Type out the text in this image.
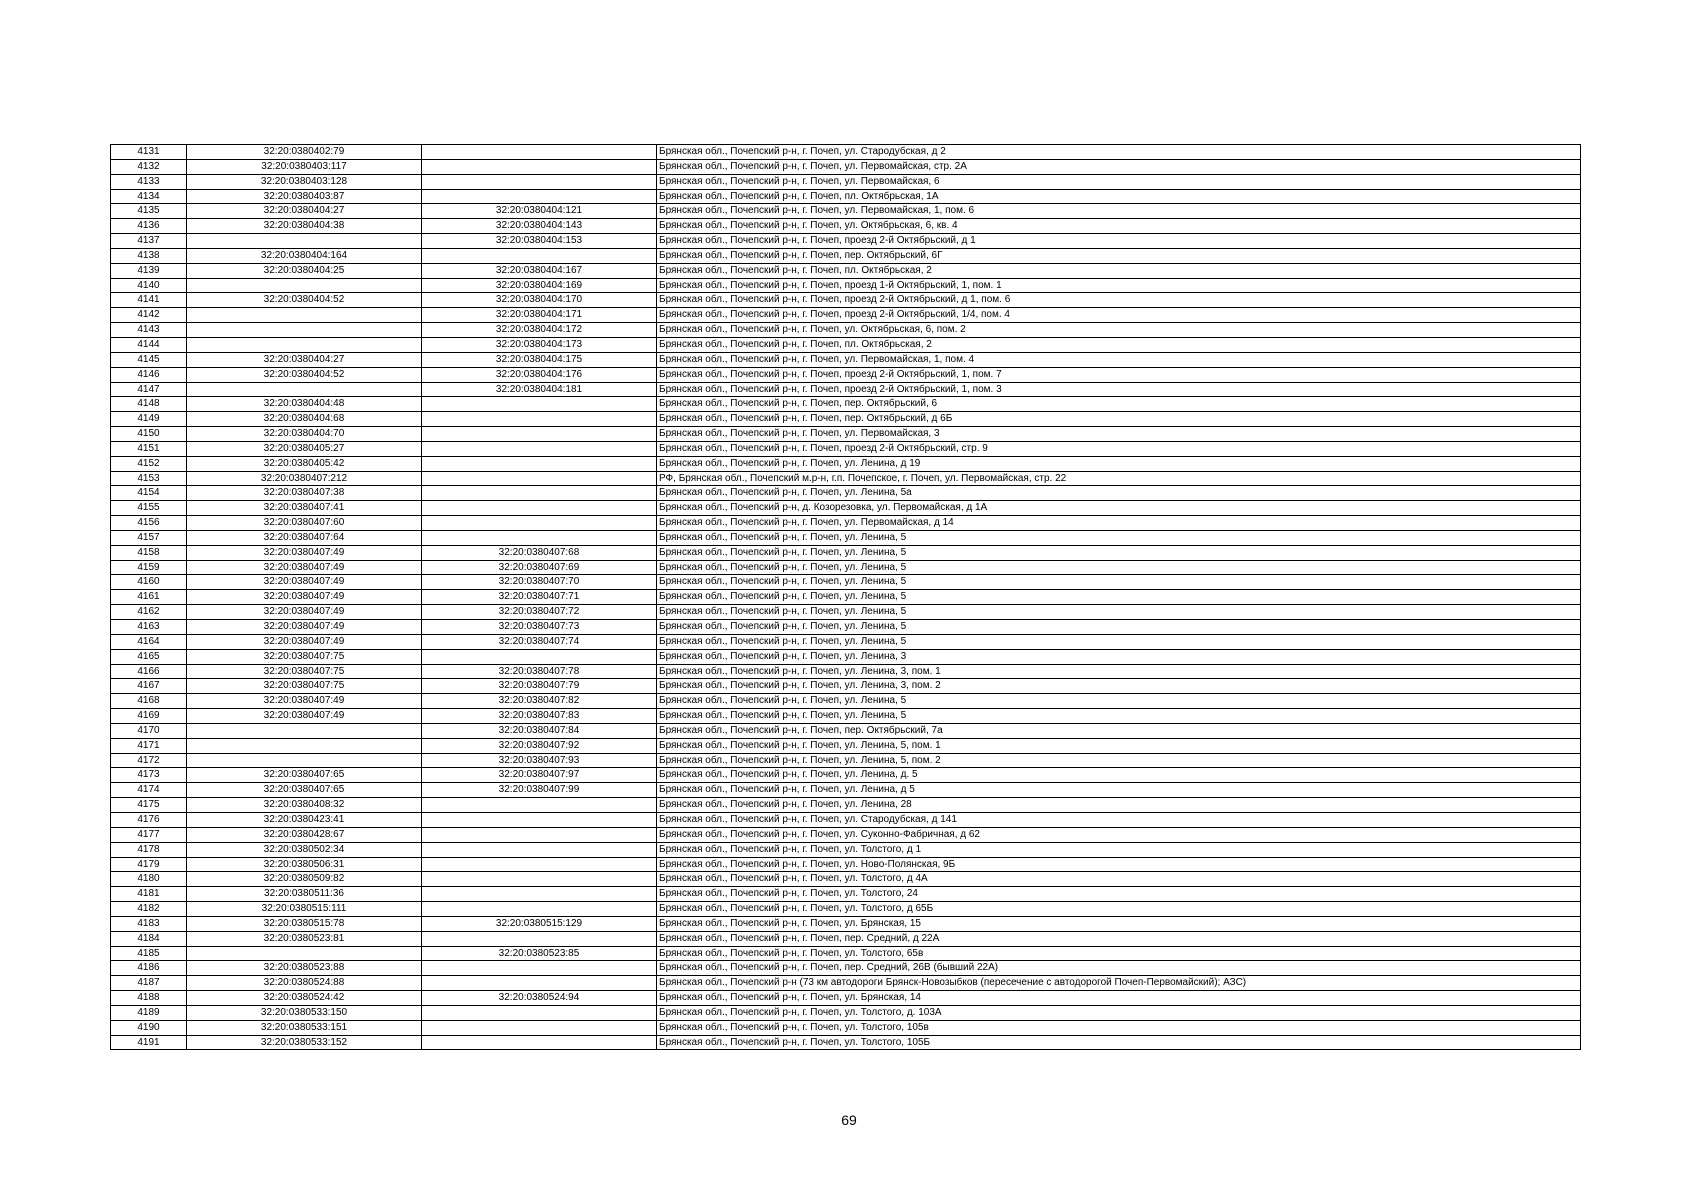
4131	32:20:0380402:79		Брянская обл., Почепский р-н, г. Почеп, ул. Стародубская, д 2
4132	32:20:0380403:117		Брянская обл., Почепский р-н, г. Почеп, ул. Первомайская, стр. 2А
4133	32:20:0380403:128		Брянская обл., Почепский р-н, г. Почеп, ул. Первомайская, 6
4134	32:20:0380403:87		Брянская обл., Почепский р-н, г. Почеп, пл. Октябрьская, 1А
4135	32:20:0380404:27	32:20:0380404:121	Брянская обл., Почепский р-н, г. Почеп, ул. Первомайская, 1, пом. 6
4136	32:20:0380404:38	32:20:0380404:143	Брянская обл., Почепский р-н, г. Почеп, ул. Октябрьская, 6, кв. 4
4137		32:20:0380404:153	Брянская обл., Почепский р-н, г. Почеп, проезд 2-й Октябрьский, д 1
4138	32:20:0380404:164		Брянская обл., Почепский р-н, г. Почеп, пер. Октябрьский, 6Г
4139	32:20:0380404:25	32:20:0380404:167	Брянская обл., Почепский р-н, г. Почеп, пл. Октябрьская, 2
4140		32:20:0380404:169	Брянская обл., Почепский р-н, г. Почеп, проезд 1-й Октябрьский, 1, пом. 1
4141	32:20:0380404:52	32:20:0380404:170	Брянская обл., Почепский р-н, г. Почеп, проезд 2-й Октябрьский, д 1, пом. 6
4142		32:20:0380404:171	Брянская обл., Почепский р-н, г. Почеп, проезд 2-й Октябрьский, 1/4, пом. 4
4143		32:20:0380404:172	Брянская обл., Почепский р-н, г. Почеп, ул. Октябрьская, 6, пом. 2
4144		32:20:0380404:173	Брянская обл., Почепский р-н, г. Почеп, пл. Октябрьская, 2
4145	32:20:0380404:27	32:20:0380404:175	Брянская обл., Почепский р-н, г. Почеп, ул. Первомайская, 1, пом. 4
4146	32:20:0380404:52	32:20:0380404:176	Брянская обл., Почепский р-н, г. Почеп, проезд 2-й Октябрьский, 1, пом. 7
4147		32:20:0380404:181	Брянская обл., Почепский р-н, г. Почеп, проезд 2-й Октябрьский, 1, пом. 3
4148	32:20:0380404:48		Брянская обл., Почепский р-н, г. Почеп, пер. Октябрьский, 6
4149	32:20:0380404:68		Брянская обл., Почепский р-н, г. Почеп, пер. Октябрьский, д 6Б
4150	32:20:0380404:70		Брянская обл., Почепский р-н, г. Почеп, ул. Первомайская, 3
4151	32:20:0380405:27		Брянская обл., Почепский р-н, г. Почеп, проезд 2-й Октябрьский, стр. 9
4152	32:20:0380405:42		Брянская обл., Почепский р-н, г. Почеп, ул. Ленина, д 19
4153	32:20:0380407:212		РФ, Брянская обл., Почепский м.р-н, г.п. Почепское, г. Почеп, ул. Первомайская, стр. 22
4154	32:20:0380407:38		Брянская обл., Почепский р-н, г. Почеп, ул. Ленина, 5а
4155	32:20:0380407:41		Брянская обл., Почепский р-н, д. Козорезовка, ул. Первомайская, д 1А
4156	32:20:0380407:60		Брянская обл., Почепский р-н, г. Почеп, ул. Первомайская, д 14
4157	32:20:0380407:64		Брянская обл., Почепский р-н, г. Почеп, ул. Ленина, 5
4158	32:20:0380407:49	32:20:0380407:68	Брянская обл., Почепский р-н, г. Почеп, ул. Ленина, 5
4159	32:20:0380407:49	32:20:0380407:69	Брянская обл., Почепский р-н, г. Почеп, ул. Ленина, 5
4160	32:20:0380407:49	32:20:0380407:70	Брянская обл., Почепский р-н, г. Почеп, ул. Ленина, 5
4161	32:20:0380407:49	32:20:0380407:71	Брянская обл., Почепский р-н, г. Почеп, ул. Ленина, 5
4162	32:20:0380407:49	32:20:0380407:72	Брянская обл., Почепский р-н, г. Почеп, ул. Ленина, 5
4163	32:20:0380407:49	32:20:0380407:73	Брянская обл., Почепский р-н, г. Почеп, ул. Ленина, 5
4164	32:20:0380407:49	32:20:0380407:74	Брянская обл., Почепский р-н, г. Почеп, ул. Ленина, 5
4165	32:20:0380407:75		Брянская обл., Почепский р-н, г. Почеп, ул. Ленина, 3
4166	32:20:0380407:75	32:20:0380407:78	Брянская обл., Почепский р-н, г. Почеп, ул. Ленина, 3, пом. 1
4167	32:20:0380407:75	32:20:0380407:79	Брянская обл., Почепский р-н, г. Почеп, ул. Ленина, 3, пом. 2
4168	32:20:0380407:49	32:20:0380407:82	Брянская обл., Почепский р-н, г. Почеп, ул. Ленина, 5
4169	32:20:0380407:49	32:20:0380407:83	Брянская обл., Почепский р-н, г. Почеп, ул. Ленина, 5
4170		32:20:0380407:84	Брянская обл., Почепский р-н, г. Почеп, пер. Октябрьский, 7а
4171		32:20:0380407:92	Брянская обл., Почепский р-н, г. Почеп, ул. Ленина, 5, пом. 1
4172		32:20:0380407:93	Брянская обл., Почепский р-н, г. Почеп, ул. Ленина, 5, пом. 2
4173	32:20:0380407:65	32:20:0380407:97	Брянская обл., Почепский р-н, г. Почеп, ул. Ленина, д. 5
4174	32:20:0380407:65	32:20:0380407:99	Брянская обл., Почепский р-н, г. Почеп, ул. Ленина, д 5
4175	32:20:0380408:32		Брянская обл., Почепский р-н, г. Почеп, ул. Ленина, 28
4176	32:20:0380423:41		Брянская обл., Почепский р-н, г. Почеп, ул. Стародубская, д 141
4177	32:20:0380428:67		Брянская обл., Почепский р-н, г. Почеп, ул. Суконно-Фабричная, д 62
4178	32:20:0380502:34		Брянская обл., Почепский р-н, г. Почеп, ул. Толстого, д 1
4179	32:20:0380506:31		Брянская обл., Почепский р-н, г. Почеп, ул. Ново-Полянская, 9Б
4180	32:20:0380509:82		Брянская обл., Почепский р-н, г. Почеп, ул. Толстого, д 4А
4181	32:20:0380511:36		Брянская обл., Почепский р-н, г. Почеп, ул. Толстого, 24
4182	32:20:0380515:111		Брянская обл., Почепский р-н, г. Почеп, ул. Толстого, д 65Б
4183	32:20:0380515:78	32:20:0380515:129	Брянская обл., Почепский р-н, г. Почеп, ул. Брянская, 15
4184	32:20:0380523:81		Брянская обл., Почепский р-н, г. Почеп, пер. Средний, д 22А
4185		32:20:0380523:85	Брянская обл., Почепский р-н, г. Почеп, ул. Толстого, 65в
4186	32:20:0380523:88		Брянская обл., Почепский р-н, г. Почеп, пер. Средний, 26В (бывший 22А)
4187	32:20:0380524:88		Брянская обл., Почепский р-н (73 км автодороги Брянск-Новозыбков (пересечение с автодорогой Почеп-Первомайский); АЗС)
4188	32:20:0380524:42	32:20:0380524:94	Брянская обл., Почепский р-н, г. Почеп, ул. Брянская, 14
4189	32:20:0380533:150		Брянская обл., Почепский р-н, г. Почеп, ул. Толстого, д. 103А
4190	32:20:0380533:151		Брянская обл., Почепский р-н, г. Почеп, ул. Толстого, 105в
4191	32:20:0380533:152		Брянская обл., Почепский р-н, г. Почеп, ул. Толстого, 105Б
69
